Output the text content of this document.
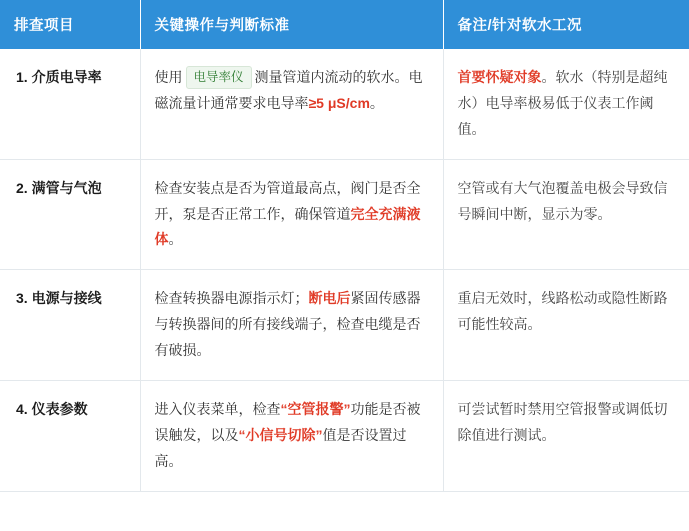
排查项目	关键操作与判断标准	备注/针对软水工况
1. 介质电导率	使用 电导率仪 测量管道内流动的软水。电磁流量计通常要求电导率≥5 μS/cm。	首要怀疑对象。软水（特别是超纯水）电导率极易低于仪表工作阈值。
2. 满管与气泡	检查安装点是否为管道最高点，阀门是否全开，泵是否正常工作，确保管道完全充满液体。	空管或有大气泡覆盖电极会导致信号瞬间中断，显示为零。
3. 电源与接线	检查转换器电源指示灯；断电后紧固传感器与转换器间的所有接线端子，检查电缆是否有破损。	重启无效时，线路松动或隐性断路可能性较高。
4. 仪表参数	进入仪表菜单，检查“空管报警”功能是否被误触发，以及“小信号切除”值是否设置过高。	可尝试暂时禁用空管报警或调低切除值进行测试。
